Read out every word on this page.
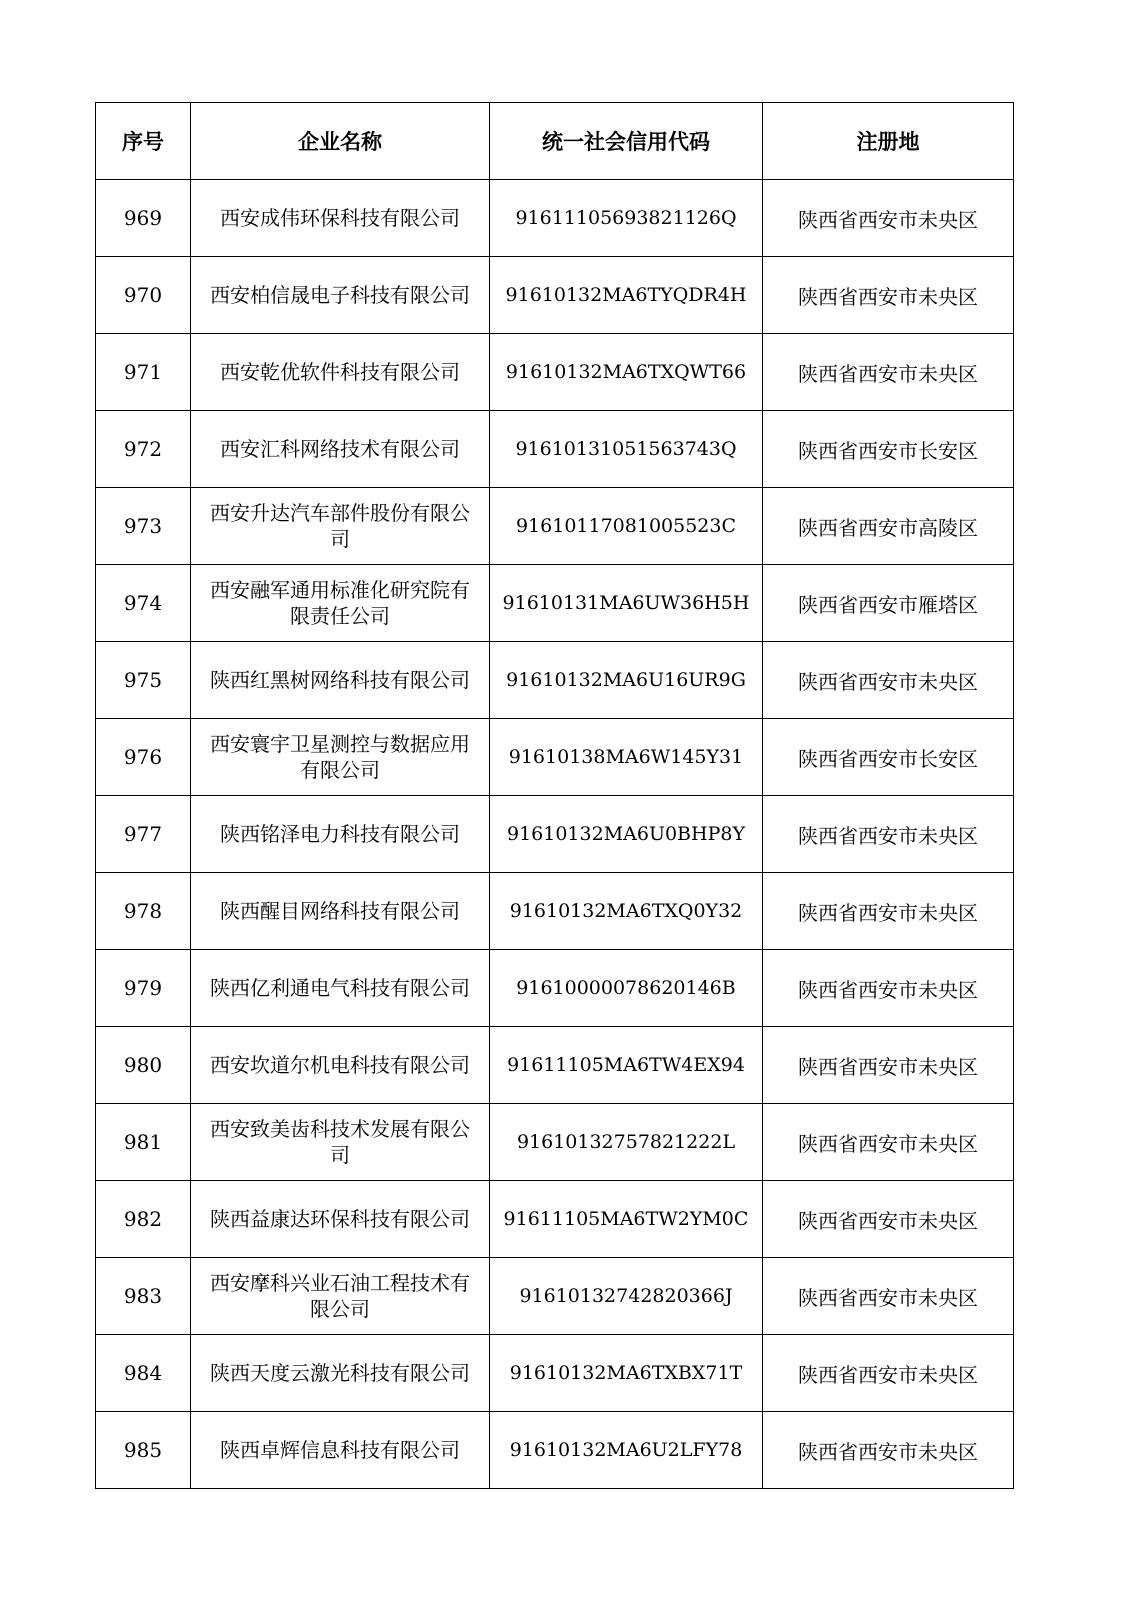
序号	企业名称	统一社会信用代码	注册地
969	西安成伟环保科技有限公司	91611105693821126Q	陕西省西安市未央区
970	西安柏信晟电子科技有限公司	91610132MA6TYQDR4H	陕西省西安市未央区
971	西安乾优软件科技有限公司	91610132MA6TXQWT66	陕西省西安市未央区
972	西安汇科网络技术有限公司	91610131051563743Q	陕西省西安市长安区
973	西安升达汽车部件股份有限公司	91610117081005523C	陕西省西安市高陵区
974	西安融军通用标准化研究院有限责任公司	91610131MA6UW36H5H	陕西省西安市雁塔区
975	陕西红黑树网络科技有限公司	91610132MA6U16UR9G	陕西省西安市未央区
976	西安寰宇卫星测控与数据应用有限公司	91610138MA6W145Y31	陕西省西安市长安区
977	陕西铭泽电力科技有限公司	91610132MA6U0BHP8Y	陕西省西安市未央区
978	陕西醒目网络科技有限公司	91610132MA6TXQ0Y32	陕西省西安市未央区
979	陕西亿利通电气科技有限公司	91610000078620146B	陕西省西安市未央区
980	西安坎道尔机电科技有限公司	91611105MA6TW4EX94	陕西省西安市未央区
981	西安致美齿科技术发展有限公司	91610132757821222L	陕西省西安市未央区
982	陕西益康达环保科技有限公司	91611105MA6TW2YM0C	陕西省西安市未央区
983	西安摩科兴业石油工程技术有限公司	91610132742820366J	陕西省西安市未央区
984	陕西天度云激光科技有限公司	91610132MA6TXBX71T	陕西省西安市未央区
985	陕西卓辉信息科技有限公司	91610132MA6U2LFY78	陕西省西安市未央区
